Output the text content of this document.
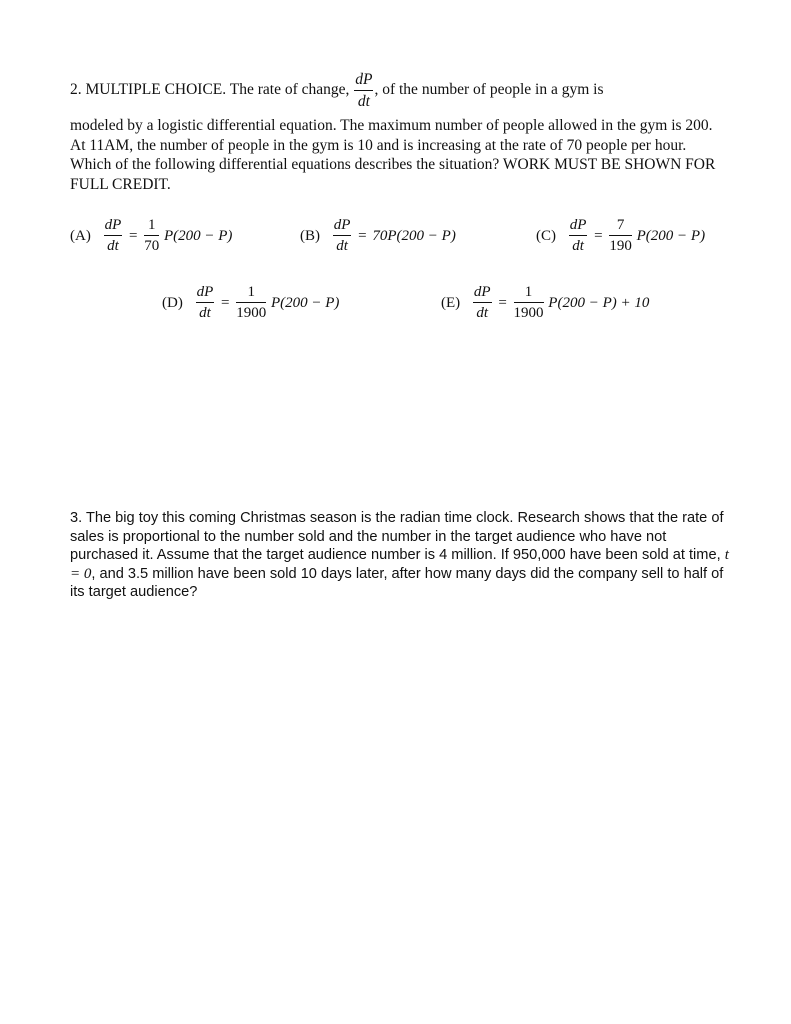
2. MULTIPLE CHOICE. The rate of change, $\frac{dP}{dt}$ , of the number of people in a gym is
modeled by a logistic differential equation. The maximum number of people allowed in the gym is 200. At 11AM, the number of people in the gym is 10 and is increasing at the rate of 70 people per hour. Which of the following differential equations describes the situation? WORK MUST BE SHOWN FOR FULL CREDIT.
$(A) \frac{dP}{dt} = \frac{1}{70} P(200 - P)$	$(B) \frac{dP}{dt} = 70P(200 - P)$	$(C) \frac{dP}{dt} = \frac{7}{190} P(200 - P)$
$(D) \frac{dP}{dt} = \frac{1}{1900} P(200 - P)$	$(E) \frac{dP}{dt} = \frac{1}{1900} P(200 - P) + 10$
3. The big toy this coming Christmas season is the radian time clock. Research shows that the rate of sales is proportional to the number sold and the number in the target audience who have not purchased it. Assume that the target audience number is 4 million. If 950,000 have been sold at time, t = 0, and 3.5 million have been sold 10 days later, after how many days did the company sell to half of its target audience?
